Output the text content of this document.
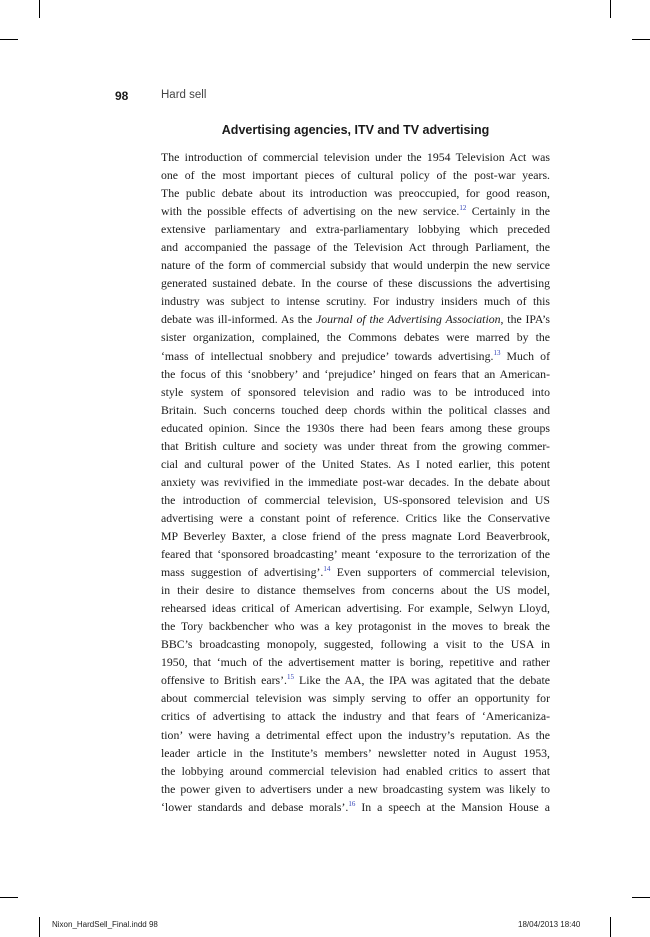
98	Hard sell
Advertising agencies, ITV and TV advertising
The introduction of commercial television under the 1954 Television Act was
one of the most important pieces of cultural policy of the post-war years.
The public debate about its introduction was preoccupied, for good reason,
with the possible effects of advertising on the new service.$^{12}$ Certainly in the
extensive parliamentary and extra-parliamentary lobbying which preceded
and accompanied the passage of the Television Act through Parliament, the
nature of the form of commercial subsidy that would underpin the new service
generated sustained debate. In the course of these discussions the advertising
industry was subject to intense scrutiny. For industry insiders much of this
debate was ill-informed. As the Journal of the Advertising Association, the IPA’s
sister organization, complained, the Commons debates were marred by the
‘mass of intellectual snobbery and prejudice’ towards advertising.$^{13}$ Much of
the focus of this ‘snobbery’ and ‘prejudice’ hinged on fears that an American-
style system of sponsored television and radio was to be introduced into
Britain. Such concerns touched deep chords within the political classes and
educated opinion. Since the 1930s there had been fears among these groups
that British culture and society was under threat from the growing commer-
cial and cultural power of the United States. As I noted earlier, this potent
anxiety was revivified in the immediate post-war decades. In the debate about
the introduction of commercial television, US-sponsored television and US
advertising were a constant point of reference. Critics like the Conservative
MP Beverley Baxter, a close friend of the press magnate Lord Beaverbrook,
feared that ‘sponsored broadcasting’ meant ‘exposure to the terrorization of the
mass suggestion of advertising’.$^{14}$ Even supporters of commercial television,
in their desire to distance themselves from concerns about the US model,
rehearsed ideas critical of American advertising. For example, Selwyn Lloyd,
the Tory backbencher who was a key protagonist in the moves to break the
BBC’s broadcasting monopoly, suggested, following a visit to the USA in
1950, that ‘much of the advertisement matter is boring, repetitive and rather
offensive to British ears’.$^{15}$ Like the AA, the IPA was agitated that the debate
about commercial television was simply serving to offer an opportunity for
critics of advertising to attack the industry and that fears of ‘Americaniza-
tion’ were having a detrimental effect upon the industry’s reputation. As the
leader article in the Institute’s members’ newsletter noted in August 1953,
the lobbying around commercial television had enabled critics to assert that
the power given to advertisers under a new broadcasting system was likely to
‘lower standards and debase morals’.$^{16}$ In a speech at the Mansion House a
Nixon_HardSell_Final.indd 98	18/04/2013 18:40
